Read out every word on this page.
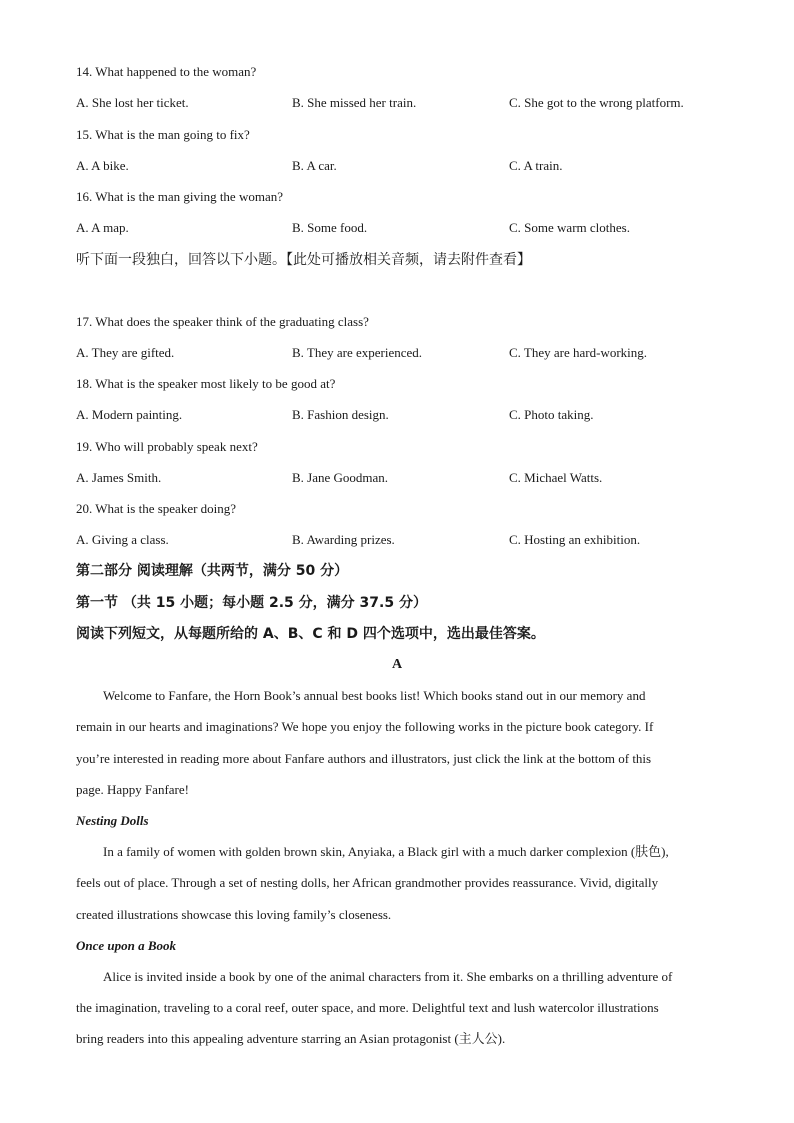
14. What happened to the woman?
A. She lost her ticket.	B. She missed her train.	C. She got to the wrong platform.
15. What is the man going to fix?
A. A bike.	B. A car.	C. A train.
16. What is the man giving the woman?
A. A map.	B. Some food.	C. Some warm clothes.
听下面一段独白，回答以下小题。【此处可播放相关音频，请去附件查看】
17. What does the speaker think of the graduating class?
A. They are gifted.	B. They are experienced.	C. They are hard-working.
18. What is the speaker most likely to be good at?
A. Modern painting.	B. Fashion design.	C. Photo taking.
19. Who will probably speak next?
A. James Smith.	B. Jane Goodman.	C. Michael Watts.
20. What is the speaker doing?
A. Giving a class.	B. Awarding prizes.	C. Hosting an exhibition.
第二部分 阅读理解（共两节，满分 50 分）
第一节 （共 15 小题；每小题 2.5 分，满分 37.5 分）
阅读下列短文，从每题所给的 A、B、C 和 D 四个选项中，选出最佳答案。
A
Welcome to Fanfare, the Horn Book’s annual best books list! Which books stand out in our memory and
remain in our hearts and imaginations? We hope you enjoy the following works in the picture book category. If
you’re interested in reading more about Fanfare authors and illustrators, just click the link at the bottom of this
page. Happy Fanfare!
Nesting Dolls
In a family of women with golden brown skin, Anyiaka, a Black girl with a much darker complexion (肤色),
feels out of place. Through a set of nesting dolls, her African grandmother provides reassurance. Vivid, digitally
created illustrations showcase this loving family’s closeness.
Once upon a Book
Alice is invited inside a book by one of the animal characters from it. She embarks on a thrilling adventure of
the imagination, traveling to a coral reef, outer space, and more. Delightful text and lush watercolor illustrations
bring readers into this appealing adventure starring an Asian protagonist (主人公).
